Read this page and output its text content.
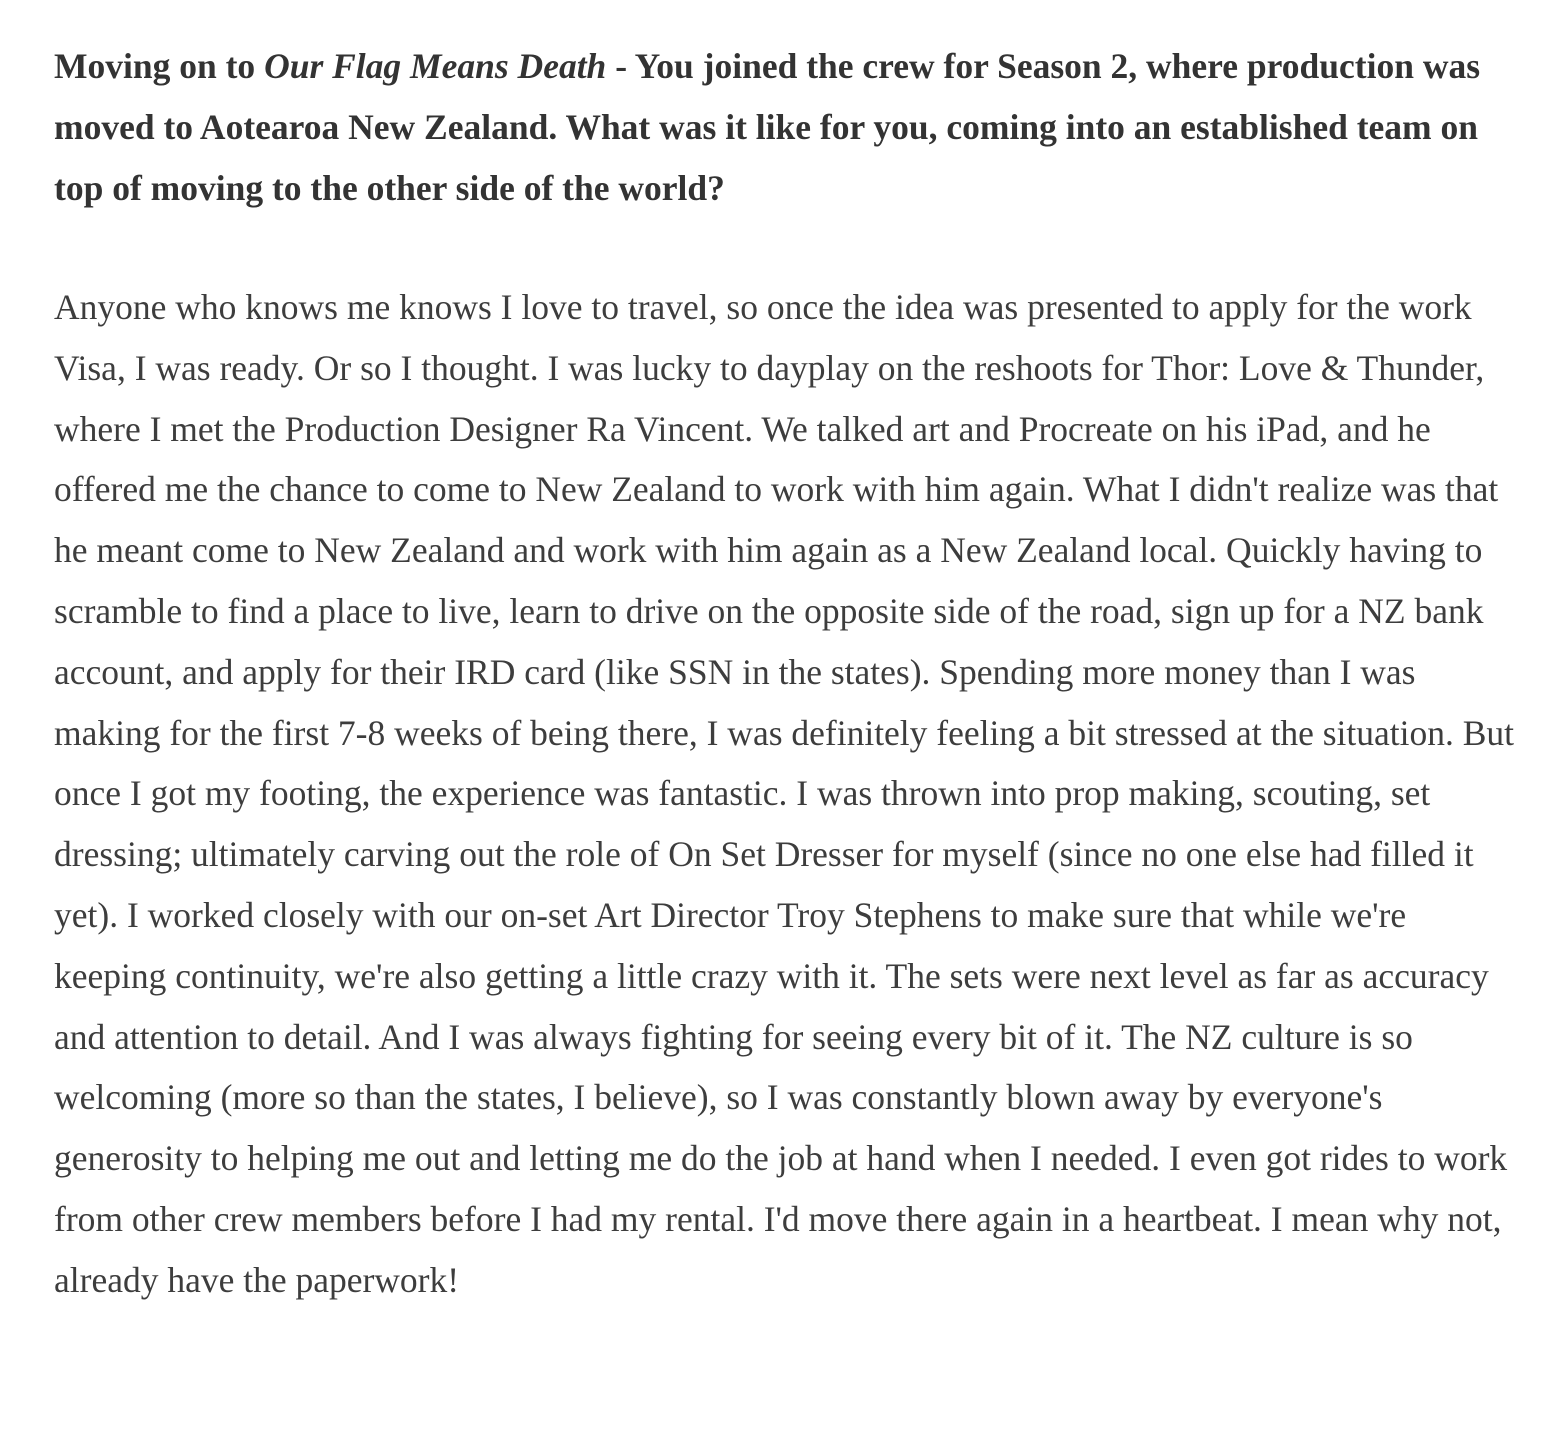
Moving on to Our Flag Means Death - You joined the crew for Season 2, where production was moved to Aotearoa New Zealand. What was it like for you, coming into an established team on top of moving to the other side of the world?

Anyone who knows me knows I love to travel, so once the idea was presented to apply for the work Visa, I was ready. Or so I thought. I was lucky to dayplay on the reshoots for Thor: Love & Thunder, where I met the Production Designer Ra Vincent. We talked art and Procreate on his iPad, and he offered me the chance to come to New Zealand to work with him again. What I didn't realize was that he meant come to New Zealand and work with him again as a New Zealand local. Quickly having to scramble to find a place to live, learn to drive on the opposite side of the road, sign up for a NZ bank account, and apply for their IRD card (like SSN in the states). Spending more money than I was making for the first 7-8 weeks of being there, I was definitely feeling a bit stressed at the situation. But once I got my footing, the experience was fantastic. I was thrown into prop making, scouting, set dressing; ultimately carving out the role of On Set Dresser for myself (since no one else had filled it yet). I worked closely with our on-set Art Director Troy Stephens to make sure that while we're keeping continuity, we're also getting a little crazy with it. The sets were next level as far as accuracy and attention to detail. And I was always fighting for seeing every bit of it. The NZ culture is so welcoming (more so than the states, I believe), so I was constantly blown away by everyone's generosity to helping me out and letting me do the job at hand when I needed. I even got rides to work from other crew members before I had my rental. I'd move there again in a heartbeat. I mean why not, already have the paperwork!
